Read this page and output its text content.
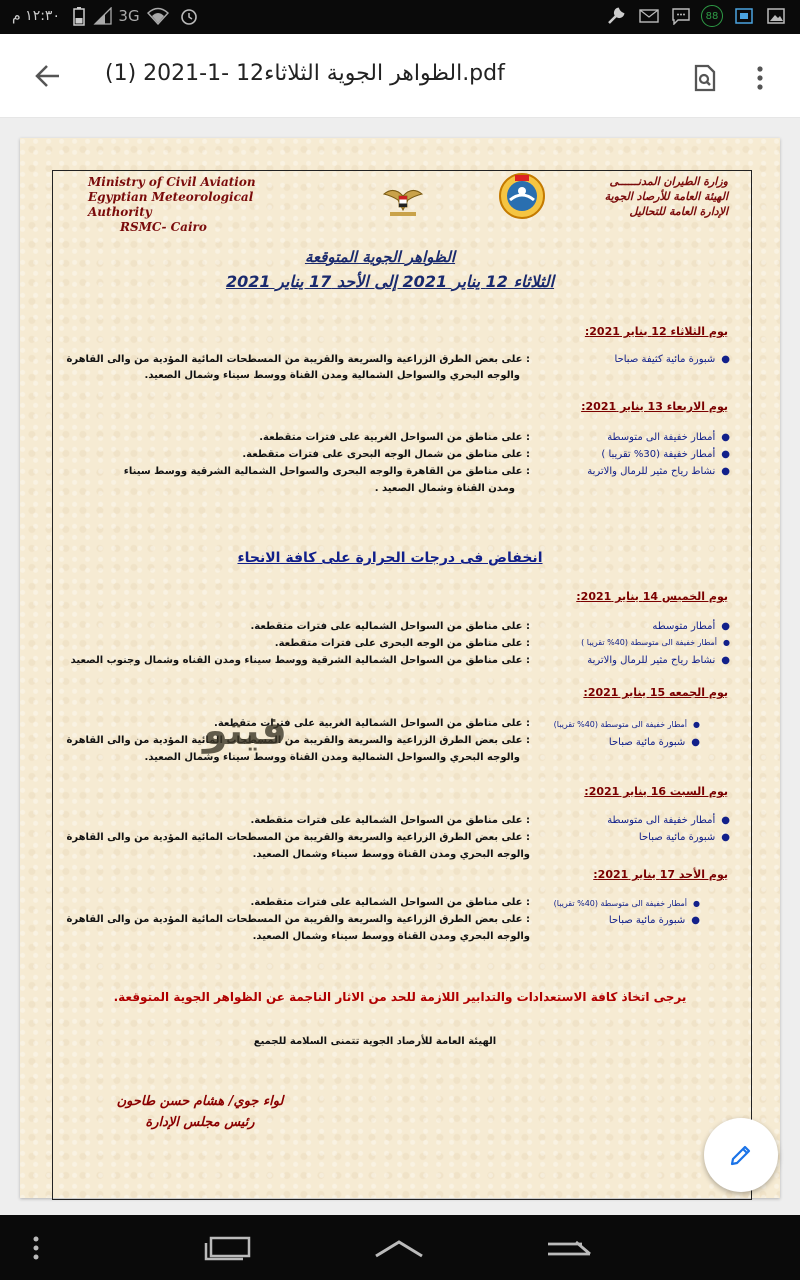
١٢:٣٠ م	3G	88
الظواهر الجوية الثلاثاء12 -1-2021 (1).pdf
Ministry of Civil Aviation
Egyptian Meteorological Authority
RSMC- Cairo
وزارة الطيران المدنــــــى
الهيئة العامة للأرصاد الجوية
الإدارة العامة للتحاليل
الظواهر الجوية المتوقعة
الثلاثاء 12 يناير 2021 إلى الأحد 17 يناير 2021
يوم الثلاثاء 12 يناير 2021:
●شبورة مائية كثيفة صباحا
: على بعض الطرق الزراعية والسريعة والقريبة من المسطحات المائية المؤدية من والى القاهرة
والوجه البحري والسواحل الشمالية ومدن القناة ووسط سيناء وشمال الصعيد.
يوم الاربعاء 13 يناير 2021:
●أمطار خفيفة الى متوسطة
●أمطار خفيفة (30% تقريبا )
●نشاط رياح مثير للرمال والاتربة
: على مناطق من السواحل الغربية على فترات متقطعة.
: على مناطق من شمال الوجه البحرى على فترات متقطعة.
: على مناطق من القاهرة والوجه البحرى والسواحل الشمالية الشرقية ووسط سيناء
ومدن القناة وشمال الصعيد .
انخفاض فى درجات الحرارة على كافة الانحاء
يوم الخميس 14 يناير 2021:
●أمطار متوسطه
●أمطار خفيفة الى متوسطة (40% تقريبا )
●نشاط رياح مثير للرمال والاتربة
: على مناطق من السواحل الشماليه على فترات متقطعة.
: على مناطق من الوجه البحرى على فترات متقطعة.
: على مناطق من السواحل الشمالية الشرقية ووسط سيناء ومدن القناه وشمال وجنوب الصعيد
يوم الجمعه 15 يناير 2021:
●أمطار خفيفة الى متوسطة (40% تقريبا)
●شبورة مائية صباحا
: على مناطق من السواحل الشمالية الغربية على فترات متقطعة.
: على بعض الطرق الزراعية والسريعة والقريبة من المسطحات المائية المؤدية من والى القاهرة
والوجه البحري والسواحل الشمالية ومدن القناة ووسط سيناء وشمال الصعيد.
فيتو
يوم السبت 16 يناير 2021:
●أمطار خفيفة الى متوسطة
●شبورة مائية صباحا
: على مناطق من السواحل الشمالية على فترات متقطعة.
: على بعض الطرق الزراعية والسريعة والقريبة من المسطحات المائية المؤدية من والى القاهرة
والوجه البحري ومدن القناة ووسط سيناء وشمال الصعيد.
يوم الأحد 17 يناير 2021:
●أمطار خفيفة الى متوسطة (40% تقريبا)
●شبورة مائية صباحا
: على مناطق من السواحل الشمالية على فترات متقطعة.
: على بعض الطرق الزراعية والسريعة والقريبة من المسطحات المائية المؤدية من والى القاهرة
والوجه البحري ومدن القناة ووسط سيناء وشمال الصعيد.
يرجى اتخاذ كافة الاستعدادات والتدابير اللازمة للحد من الاثار الناجمة عن الظواهر الجوية المتوقعة.
الهيئة العامة للأرصاد الجوية تتمنى السلامة للجميع
لواء جوي/ هشام حسن طاحون
رئيس مجلس الإدارة
